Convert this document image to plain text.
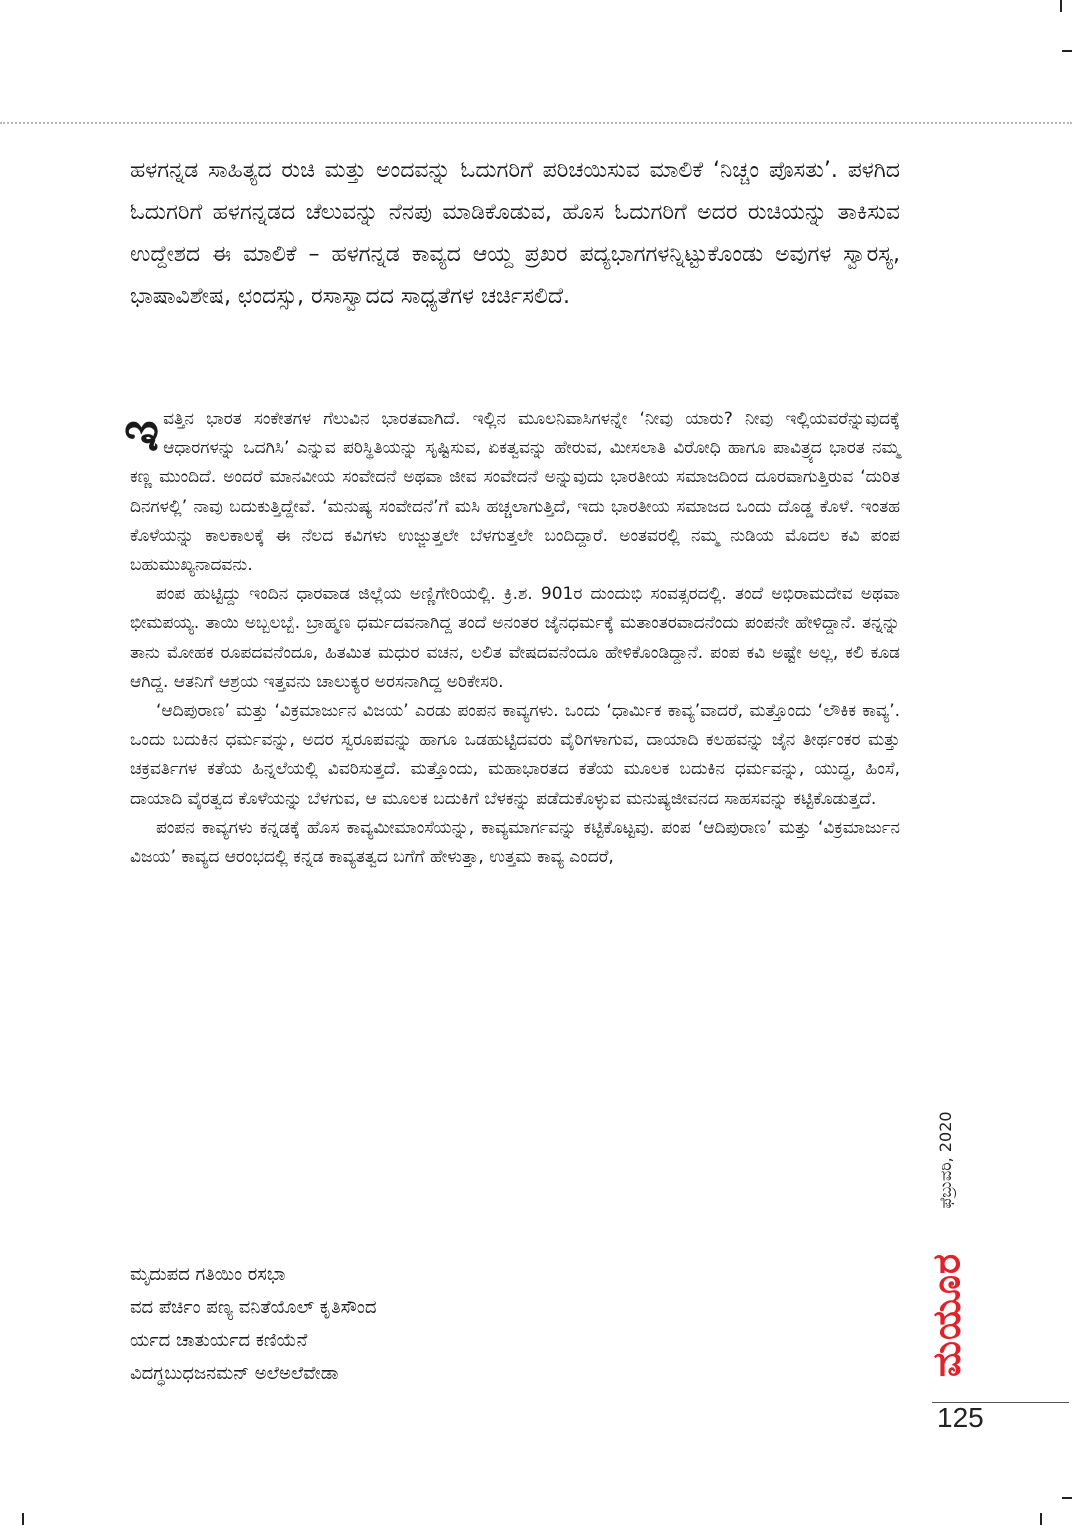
ಹಳಗನ್ನಡ ಸಾಹಿತ್ಯದ ರುಚಿ ಮತ್ತು ಅಂದವನ್ನು ಓದುಗರಿಗೆ ಪರಿಚಯಿಸುವ ಮಾಲಿಕೆ ‘ನಿಚ್ಚಂ ಪೊಸತು’. ಪಳಗಿದ ಓದುಗರಿಗೆ ಹಳಗನ್ನಡದ ಚೆಲುವನ್ನು ನೆನಪು ಮಾಡಿಕೊಡುವ, ಹೊಸ ಓದುಗರಿಗೆ ಅದರ ರುಚಿಯನ್ನು ತಾಕಿಸುವ ಉದ್ದೇಶದ ಈ ಮಾಲಿಕೆ – ಹಳಗನ್ನಡ ಕಾವ್ಯದ ಆಯ್ದ ಪ್ರಖರ ಪದ್ಯಭಾಗಗಳನ್ನಿಟ್ಟುಕೊಂಡು ಅವುಗಳ ಸ್ವಾರಸ್ಯ, ಭಾಷಾವಿಶೇಷ, ಛಂದಸ್ಸು, ರಸಾಸ್ವಾದದ ಸಾಧ್ಯತೆಗಳ ಚರ್ಚಿಸಲಿದೆ.

ಇವತ್ತಿನ ಭಾರತ ಸಂಕೇತಗಳ ಗೆಲುವಿನ ಭಾರತವಾಗಿದೆ. ಇಲ್ಲಿನ ಮೂಲನಿವಾಸಿಗಳನ್ನೇ ‘ನೀವು ಯಾರು? ನೀವು ಇಲ್ಲಿಯವರೆನ್ನುವುದಕ್ಕೆ ಆಧಾರಗಳನ್ನು ಒದಗಿಸಿ’ ಎನ್ನುವ ಪರಿಸ್ಥಿತಿಯನ್ನು ಸೃಷ್ಟಿಸುವ, ಏಕತ್ವವನ್ನು ಹೇರುವ, ಮೀಸಲಾತಿ ವಿರೋಧಿ ಹಾಗೂ ಪಾವಿತ್ರ್ಯದ ಭಾರತ ನಮ್ಮ ಕಣ್ಣ ಮುಂದಿದೆ. ಅಂದರೆ ಮಾನವೀಯ ಸಂವೇದನೆ ಅಥವಾ ಜೀವ ಸಂವೇದನೆ ಅನ್ನುವುದು ಭಾರತೀಯ ಸಮಾಜದಿಂದ ದೂರವಾಗುತ್ತಿರುವ ‘ದುರಿತ ದಿನಗಳಲ್ಲಿ’ ನಾವು ಬದುಕುತ್ತಿದ್ದೇವೆ. ‘ಮನುಷ್ಯ ಸಂವೇದನೆ’ಗೆ ಮಸಿ ಹಚ್ಚಲಾಗುತ್ತಿದೆ, ಇದು ಭಾರತೀಯ ಸಮಾಜದ ಒಂದು ದೊಡ್ಡ ಕೊಳೆ. ಇಂತಹ ಕೊಳೆಯನ್ನು ಕಾಲಕಾಲಕ್ಕೆ ಈ ನೆಲದ ಕವಿಗಳು ಉಜ್ಜುತ್ತಲೇ ಬೆಳಗುತ್ತಲೇ ಬಂದಿದ್ದಾರೆ. ಅಂತವರಲ್ಲಿ ನಮ್ಮ ನುಡಿಯ ಮೊದಲ ಕವಿ ಪಂಪ ಬಹುಮುಖ್ಯನಾದವನು.

ಪಂಪ ಹುಟ್ಟಿದ್ದು ಇಂದಿನ ಧಾರವಾಡ ಜಿಲ್ಲೆಯ ಅಣ್ಣಿಗೇರಿಯಲ್ಲಿ. ಕ್ರಿ.ಶ. 901ರ ದುಂದುಭಿ ಸಂವತ್ಸರದಲ್ಲಿ. ತಂದೆ ಅಭಿರಾಮದೇವ ಅಥವಾ ಭೀಮಪಯ್ಯ. ತಾಯಿ ಅಬ್ಬಲಬ್ಬೆ. ಬ್ರಾಹ್ಮಣ ಧರ್ಮದವನಾಗಿದ್ದ ತಂದೆ ಅನಂತರ ಜೈನಧರ್ಮಕ್ಕೆ ಮತಾಂತರವಾದನೆಂದು ಪಂಪನೇ ಹೇಳಿದ್ದಾನೆ. ತನ್ನನ್ನು ತಾನು ಮೋಹಕ ರೂಪದವನೆಂದೂ, ಹಿತಮಿತ ಮಧುರ ವಚನ, ಲಲಿತ ವೇಷದವನೆಂದೂ ಹೇಳಿಕೊಂಡಿದ್ದಾನೆ. ಪಂಪ ಕವಿ ಅಷ್ಟೇ ಅಲ್ಲ, ಕಲಿ ಕೂಡ ಆಗಿದ್ದ. ಆತನಿಗೆ ಆಶ್ರಯ ಇತ್ತವನು ಚಾಲುಕ್ಯರ ಅರಸನಾಗಿದ್ದ ಅರಿಕೇಸರಿ.

‘ಆದಿಪುರಾಣ’ ಮತ್ತು ‘ವಿಕ್ರಮಾರ್ಜುನ ವಿಜಯ’ ಎರಡು ಪಂಪನ ಕಾವ್ಯಗಳು. ಒಂದು ‘ಧಾರ್ಮಿಕ ಕಾವ್ಯ’ವಾದರೆ, ಮತ್ತೊಂದು ‘ಲೌಕಿಕ ಕಾವ್ಯ’. ಒಂದು ಬದುಕಿನ ಧರ್ಮವನ್ನು, ಅದರ ಸ್ವರೂಪವನ್ನು ಹಾಗೂ ಒಡಹುಟ್ಟಿದವರು ವೈರಿಗಳಾಗುವ, ದಾಯಾದಿ ಕಲಹವನ್ನು ಜೈನ ತೀರ್ಥಂಕರ ಮತ್ತು ಚಕ್ರವರ್ತಿಗಳ ಕತೆಯ ಹಿನ್ನಲೆಯಲ್ಲಿ ವಿವರಿಸುತ್ತದೆ. ಮತ್ತೊಂದು, ಮಹಾಭಾರತದ ಕತೆಯ ಮೂಲಕ ಬದುಕಿನ ಧರ್ಮವನ್ನು, ಯುದ್ಧ, ಹಿಂಸೆ, ದಾಯಾದಿ ವೈರತ್ವದ ಕೊಳೆಯನ್ನು ಬೆಳಗುವ, ಆ ಮೂಲಕ ಬದುಕಿಗೆ ಬೆಳಕನ್ನು ಪಡೆದುಕೊಳ್ಳುವ ಮನುಷ್ಯಜೀವನದ ಸಾಹಸವನ್ನು ಕಟ್ಟಿಕೊಡುತ್ತದೆ.

ಪಂಪನ ಕಾವ್ಯಗಳು ಕನ್ನಡಕ್ಕೆ ಹೊಸ ಕಾವ್ಯಮೀಮಾಂಸೆಯನ್ನು, ಕಾವ್ಯಮಾರ್ಗವನ್ನು ಕಟ್ಟಿಕೊಟ್ಟವು. ಪಂಪ ‘ಆದಿಪುರಾಣ’ ಮತ್ತು ‘ವಿಕ್ರಮಾರ್ಜುನ ವಿಜಯ’ ಕಾವ್ಯದ ಆರಂಭದಲ್ಲಿ ಕನ್ನಡ ಕಾವ್ಯತತ್ವದ ಬಗೆಗೆ ಹೇಳುತ್ತಾ, ಉತ್ತಮ ಕಾವ್ಯ ಎಂದರೆ,

ಮೃದುಪದ ಗತಿಯಿಂ ರಸಭಾ
ವದ ಪೆರ್ಚಿಂ ಪಣ್ಯ ವನಿತೆಯೊಲ್ ಕೃತಿಸೌಂದ
ರ್ಯದ ಚಾತುರ್ಯದ ಕಣಿಯೆನೆ
ವಿದಗ್ಧಬುಧಜನಮನ್ ಅಲೆಅಲೆವೇಡಾ
ಫೆಬ್ರುವರಿ, 2020
ಮಯೂರ
125
